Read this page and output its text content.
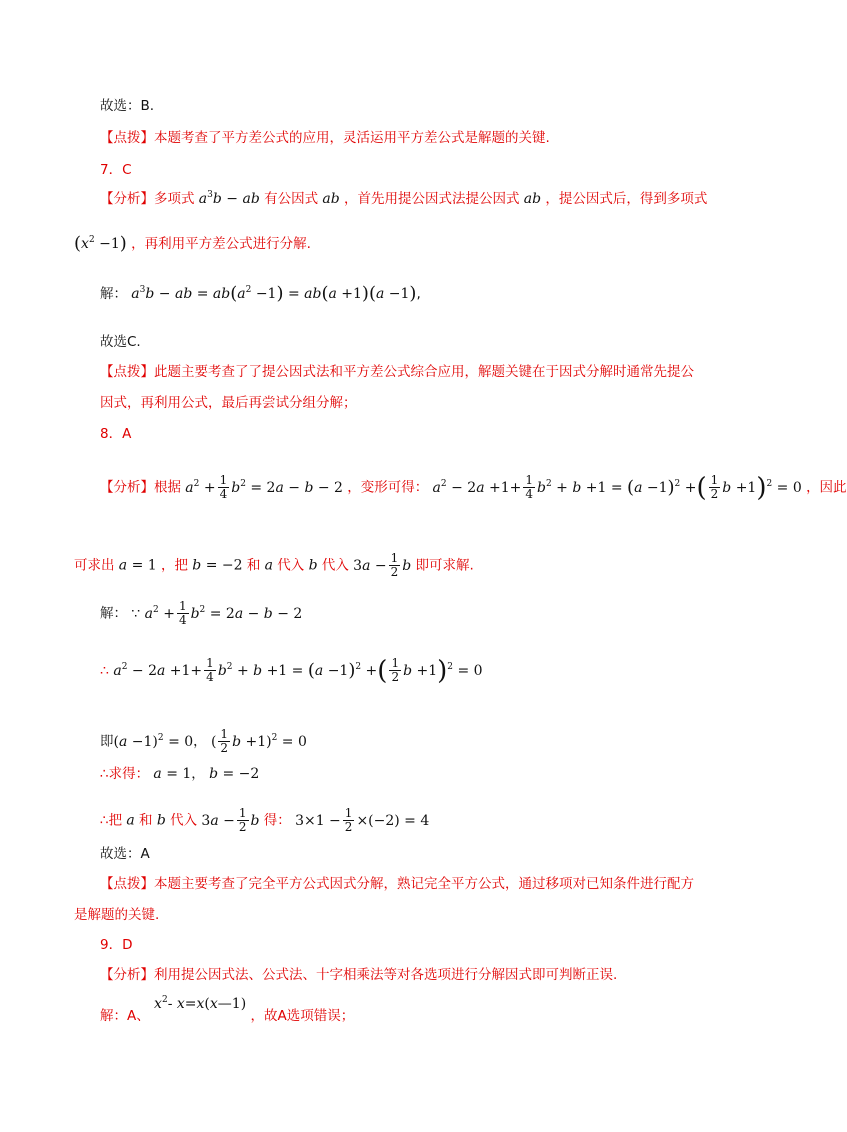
故选：B.
【点拨】本题考查了平方差公式的应用，灵活运用平方差公式是解题的关键.
7．C
【分析】多项式 $a^3b$ − ab 有公因式 ab ，首先用提公因式法提公因式 ab ，提公因式后，得到多项式
$(x^2 -1)$ ，再利用平方差公式进行分解.
解： $a^3b$ − ab = $ab(a^2 -1) = ab(a +1)(a -1)$,
故选C.
【点拨】此题主要考查了了提公因式法和平方差公式综合应用，解题关键在于因式分解时通常先提公
因式，再利用公式，最后再尝试分组分解；
8．A
【分析】根据 $a^2 + \frac{1}{4} b^2 = 2a - b - 2$ ，变形可得： $a^2 - 2a +1+ \frac{1}{4} b^2 + b +1 = (a -1)^2$ +( $\frac{1}{2}$ b +1)$^2$ = 0 ，因此
可求出 a = 1 ，把 b = −2 和 a 代入 b 代入 $3a - \frac{1}{2}$ b 即可求解.
解： ∵ $a^2 + \frac{1}{4} b^2 = 2a - b - 2$
∴ $a^2 - 2a +1+ \frac{1}{4} b^2 + b +1 = (a -1)^2$ +( $\frac{1}{2}$ b +1)$^2$ = 0
即$(a -1)^2 = 0$， ( $\frac{1}{2}$ b +1)$^2$ = 0
∴求得： a = 1， b = −2
∴把 a 和 b 代入 $3a - \frac{1}{2}$ b 得： $3\times 1 - \frac{1}{2} \times(-2) = 4$
故选：A
【点拨】本题主要考查了完全平方公式因式分解，熟记完全平方公式，通过移项对已知条件进行配方
是解题的关键.
9．D
【分析】利用提公因式法、公式法、十字相乘法等对各选项进行分解因式即可判断正误.
解：A、 $x^2-$ x=x(x—1) ，故A选项错误；
